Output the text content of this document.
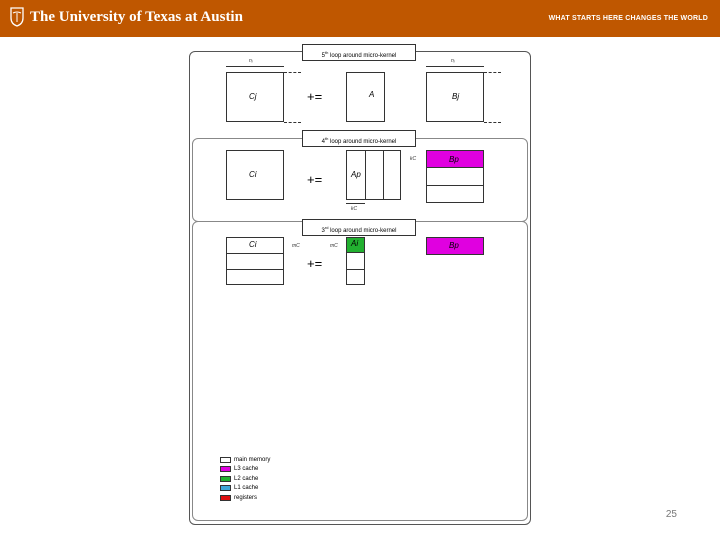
The University of Texas at Austin	WHAT STARTS HERE CHANGES THE WORLD
5th loop around micro-kernel
4th loop around micro-kernel
3rd loop around micro-kernel
nⱼ	nⱼ
Cj	+=	A	Bj
Ci	+=	Ap
kC
kC	Bp
Ci	mC
+=
mC Ai	Bp
main memory
L3 cache
L2 cache
L1 cache
registers
25
